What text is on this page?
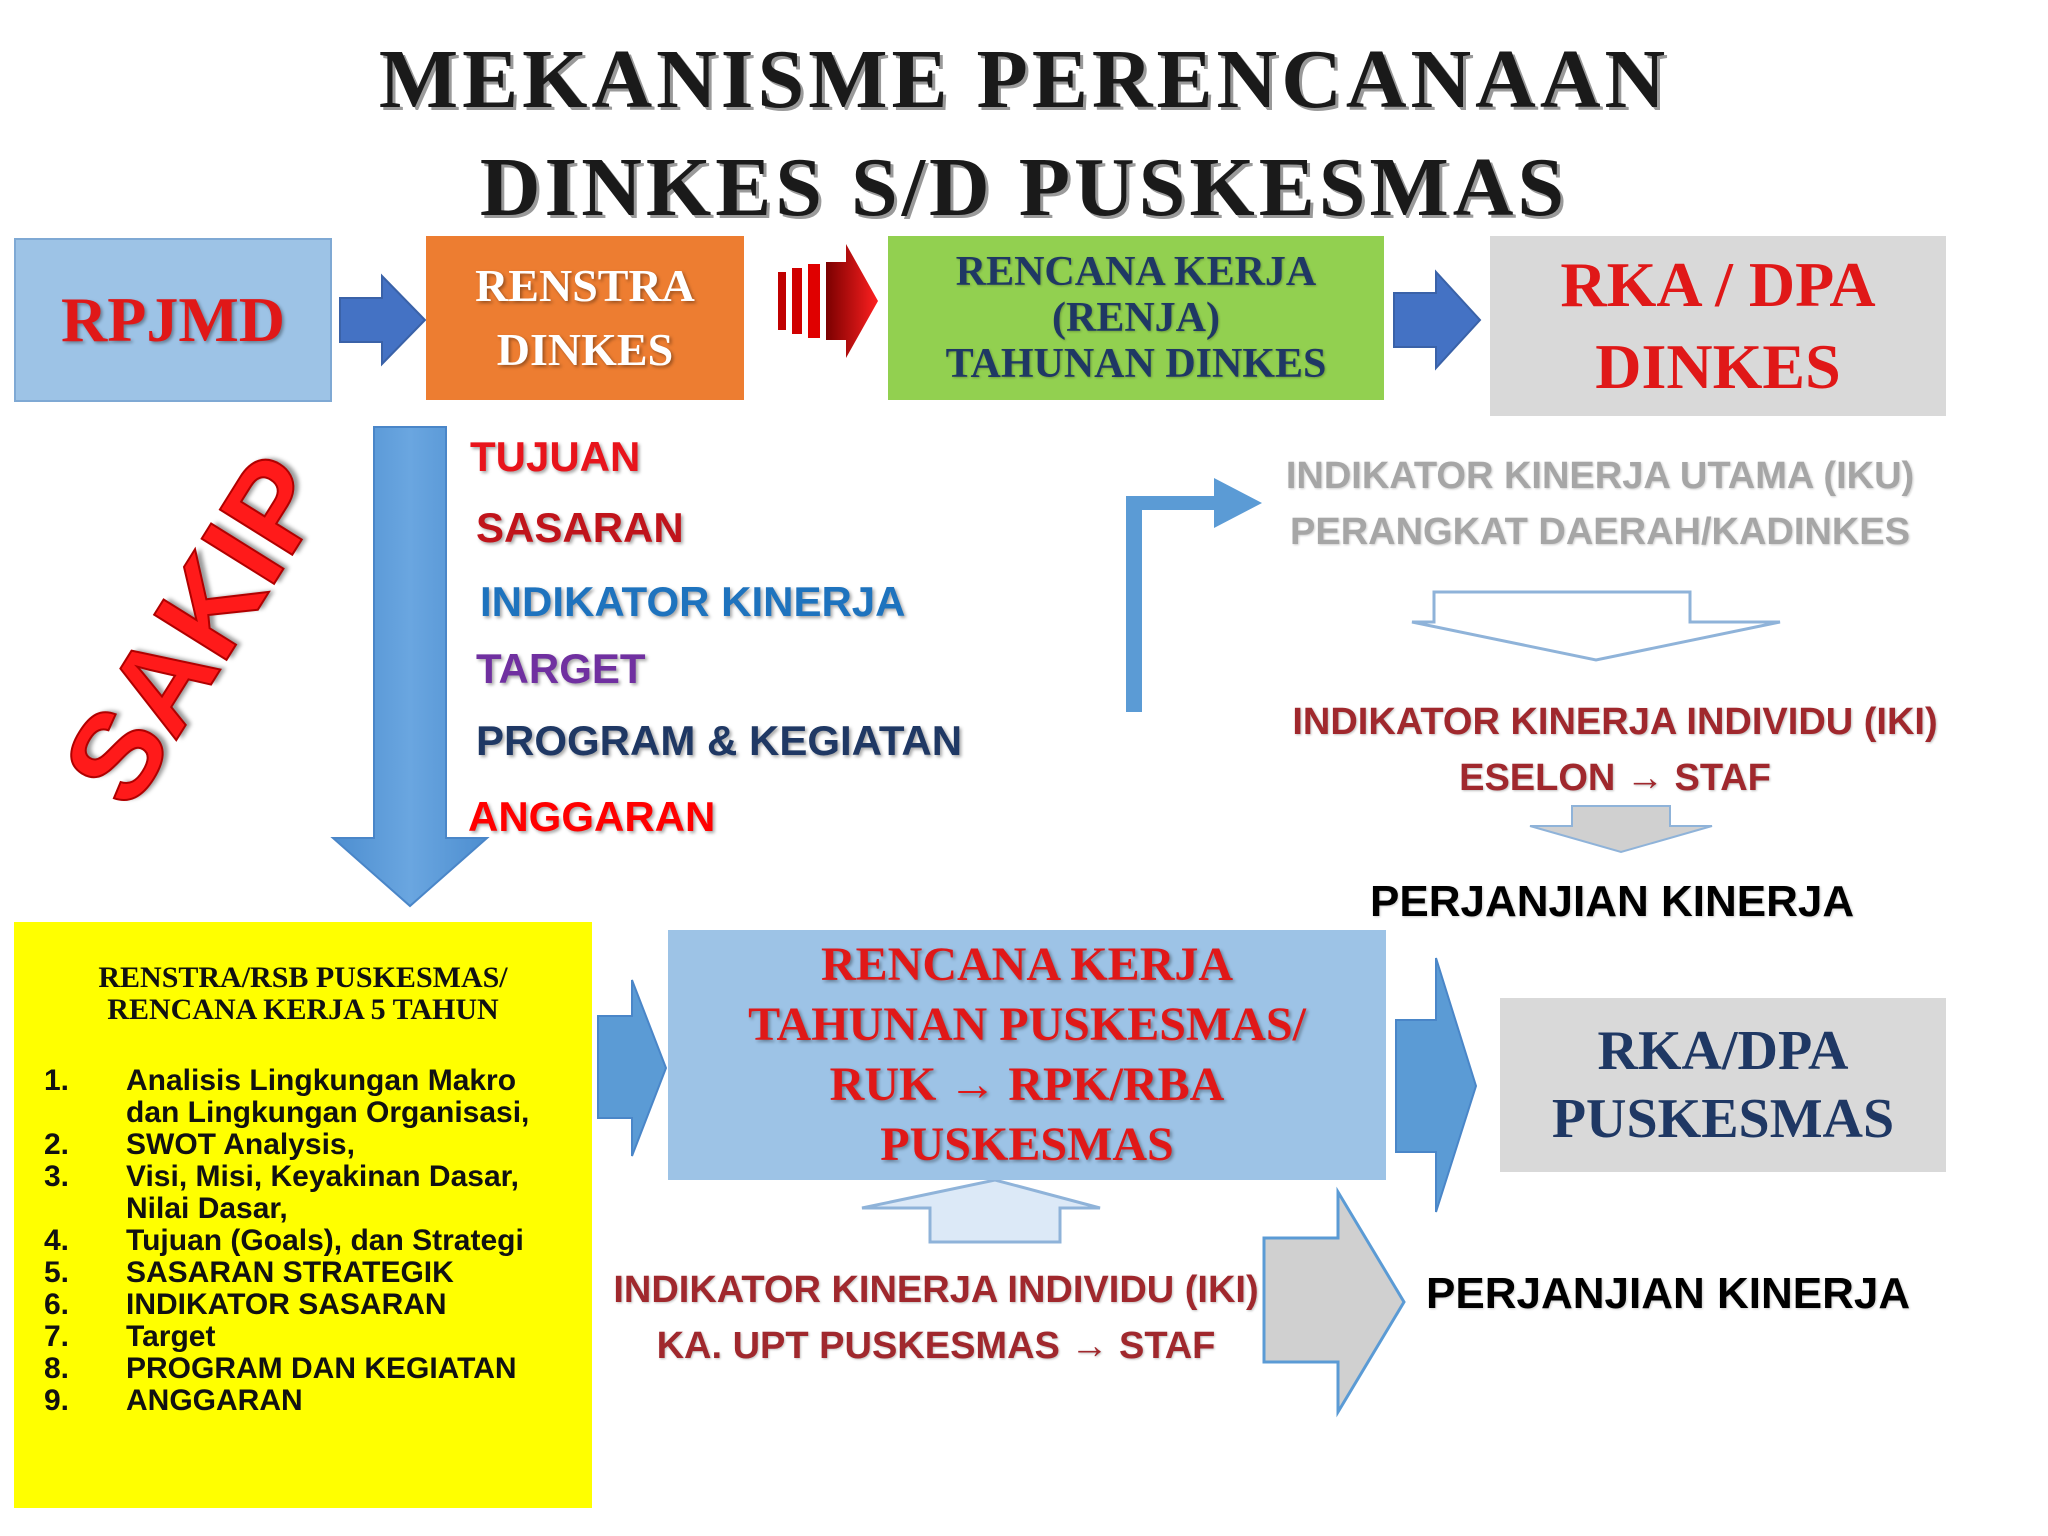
MEKANISME PERENCANAAN
DINKES S/D PUSKESMAS
RPJMD	RENSTRA
DINKES
RENCANA KERJA
(RENJA)
TAHUNAN DINKES
RKA / DPA
DINKES
SAKIP	TUJUAN
SASARAN
INDIKATOR KINERJA
TARGET
PROGRAM & KEGIATAN
ANGGARAN
INDIKATOR KINERJA UTAMA (IKU)
PERANGKAT DAERAH/KADINKES
INDIKATOR KINERJA INDIVIDU (IKI)
ESELON → STAF
PERJANJIAN KINERJA
RENSTRA/RSB PUSKESMAS/
RENCANA KERJA 5 TAHUN
1. Analisis Lingkungan Makro
dan Lingkungan Organisasi,
2. SWOT Analysis,
3. Visi, Misi, Keyakinan Dasar,
Nilai Dasar,
4. Tujuan (Goals), dan Strategi
5. SASARAN STRATEGIK
6. INDIKATOR SASARAN
7. Target
8. PROGRAM DAN KEGIATAN
9. ANGGARAN
RENCANA KERJA
TAHUNAN PUSKESMAS/
RUK → RPK/RBA
PUSKESMAS
RKA/DPA
PUSKESMAS
INDIKATOR KINERJA INDIVIDU (IKI)
KA. UPT PUSKESMAS → STAF
PERJANJIAN KINERJA
